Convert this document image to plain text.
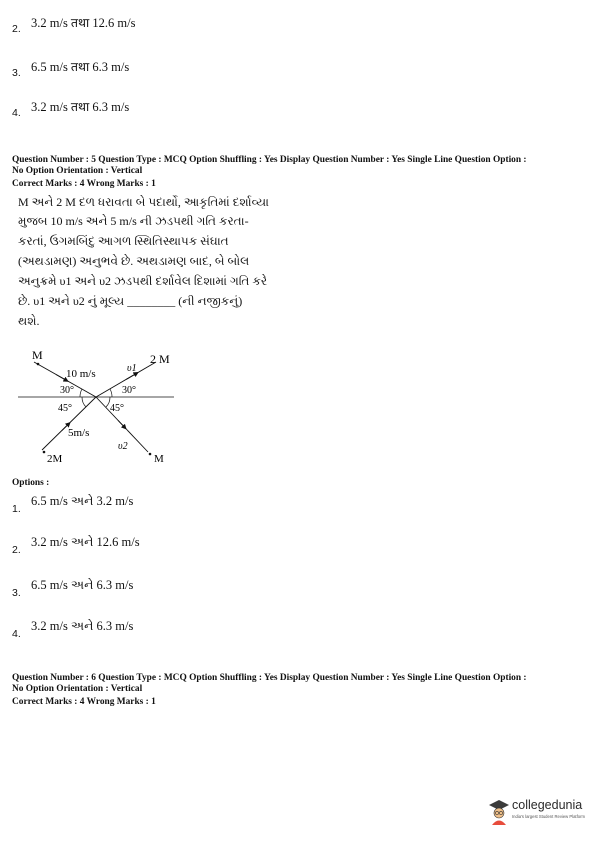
2. 3.2 m/s तथा 12.6 m/s
3. 6.5 m/s तथा 6.3 m/s
4. 3.2 m/s तथा 6.3 m/s
Question Number : 5 Question Type : MCQ Option Shuffling : Yes Display Question Number : Yes Single Line Question Option :
No Option Orientation : Vertical
Correct Marks : 4 Wrong Marks : 1
M અને 2 M દળ ધરાવતા બે પદાર્થો, આકૃતિમાં દર્શાવ્યા
મુજબ 10 m/s અને 5 m/s ની ઝડપથી ગતિ કરતા-
કરતાં, ઉગમબિંદુ આગળ સ્થિતિસ્થાપક સંઘાત
(અથડામણ) અનુભવે છે. અથડામણ બાદ, બે બોલ
અનુક્રમે υ1 અને υ2 ઝડપથી દર્શાવેલ દિશામાં ગતિ કરે
છે. υ1 અને υ2 નું મૂલ્ય ________ (ની નજીકનું)
થશે.
M	2 M
10 m/s	υ1
30°	30°
45°	45°
5m/s
υ2
2M	M
Options :
1.
6.5 m/s અને 3.2 m/s
2.
3.2 m/s અને 12.6 m/s
3.
6.5 m/s અને 6.3 m/s
4.
3.2 m/s અને 6.3 m/s
Question Number : 6 Question Type : MCQ Option Shuffling : Yes Display Question Number : Yes Single Line Question Option :
No Option Orientation : Vertical
Correct Marks : 4 Wrong Marks : 1
collegedunia
India's largest Student Review Platform
